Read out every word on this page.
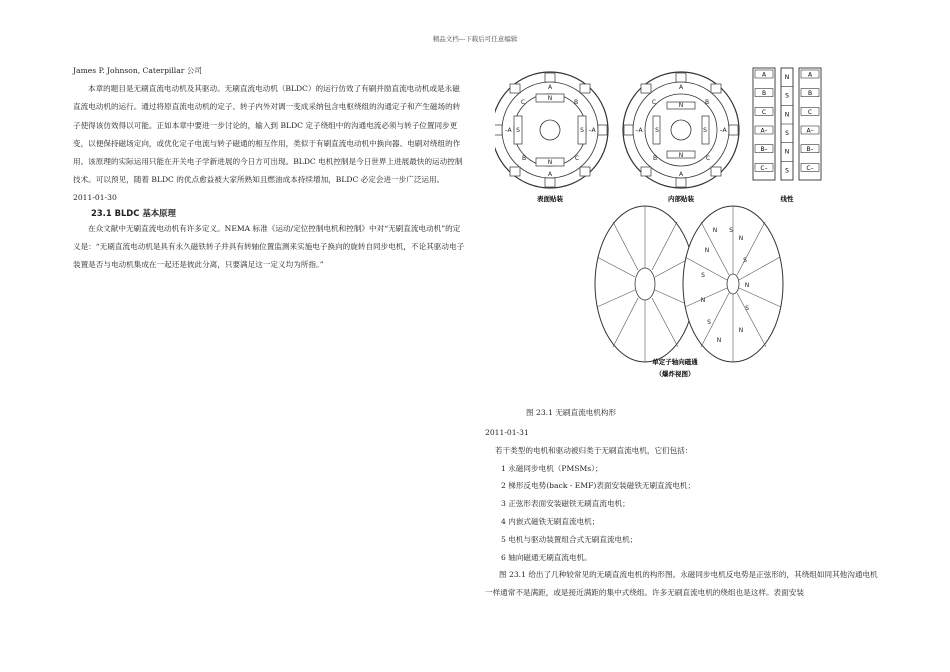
精品文档---下载后可任意编辑

James P. Johnson, Caterpillar 公司

本章的题目是无刷直流电动机及其驱动。无刷直流电动机（BLDC）的运行仿效了有刷并励直流电动机或是永磁直流电动机的运行。通过将原直流电动机的定子、转子内外对调一变成采纳包含电枢绕组的沟通定子和产生磁场的转子使得该仿效得以可能。正如本章中要进一步讨论的，输入到 BLDC 定子绕组中的沟通电流必须与转子位置同步更变，以便保持磁场定向，或优化定子电流与转子磁通的相互作用，类似于有刷直流电动机中换向器、电刷对绕组的作用。该原理的实际运用只能在开关电子学新进展的今日方可出现。BLDC 电机控制是今日世界上进展最快的运动控制技术。可以预见，随着 BLDC 的优点愈益被大家所熟知且燃油成本持续增加，BLDC 必定会进一步广泛运用。

2011-01-30

23.1 BLDC 基本原理

在众文献中无刷直流电动机有许多定义。NEMA 标准《运动/定位控制电机和控制》中对“无刷直流电动机”的定义是：“无刷直流电动机是具有永久磁铁转子并具有转轴位置监测来实施电子换向的旋转自同步电机，不论其驱动电子装置是否与电动机集成在一起还是彼此分离，只要满足这一定义均为所指。”

A
A
–A	–A
B
B
C
C
N
N
S	S
表面贴装
A
A
–A	–A
B
B
C
C
N
N
S	S
内部贴装
A	A
N
B	B
S
C	C
N
A–	A–
S
B–	B–
N
C–	C–
S
线性
N S
N
N
S
S
N
N
S
S
N
N
单定子轴向磁通
（爆炸视图）
图 23.1 无刷直流电机构形

2011-01-31

若干类型的电机和驱动被归类于无刷直流电机，它们包括：

1 永磁同步电机（PMSMs）；

2 梯形反电势(back - EMF)表面安装磁铁无刷直流电机；

3 正弦形表面安装磁铁无刷直流电机；

4 内嵌式磁铁无刷直流电机；

5 电机与驱动装置组合式无刷直流电机；

6 轴向磁通无刷直流电机。

图 23.1 给出了几种较常见的无刷直流电机的构形图。永磁同步电机反电势是正弦形的，其绕组如同其他沟通电机一样通常不是满距，或是接近满距的集中式绕组。许多无刷直流电机的绕组也是这样。表面安装
